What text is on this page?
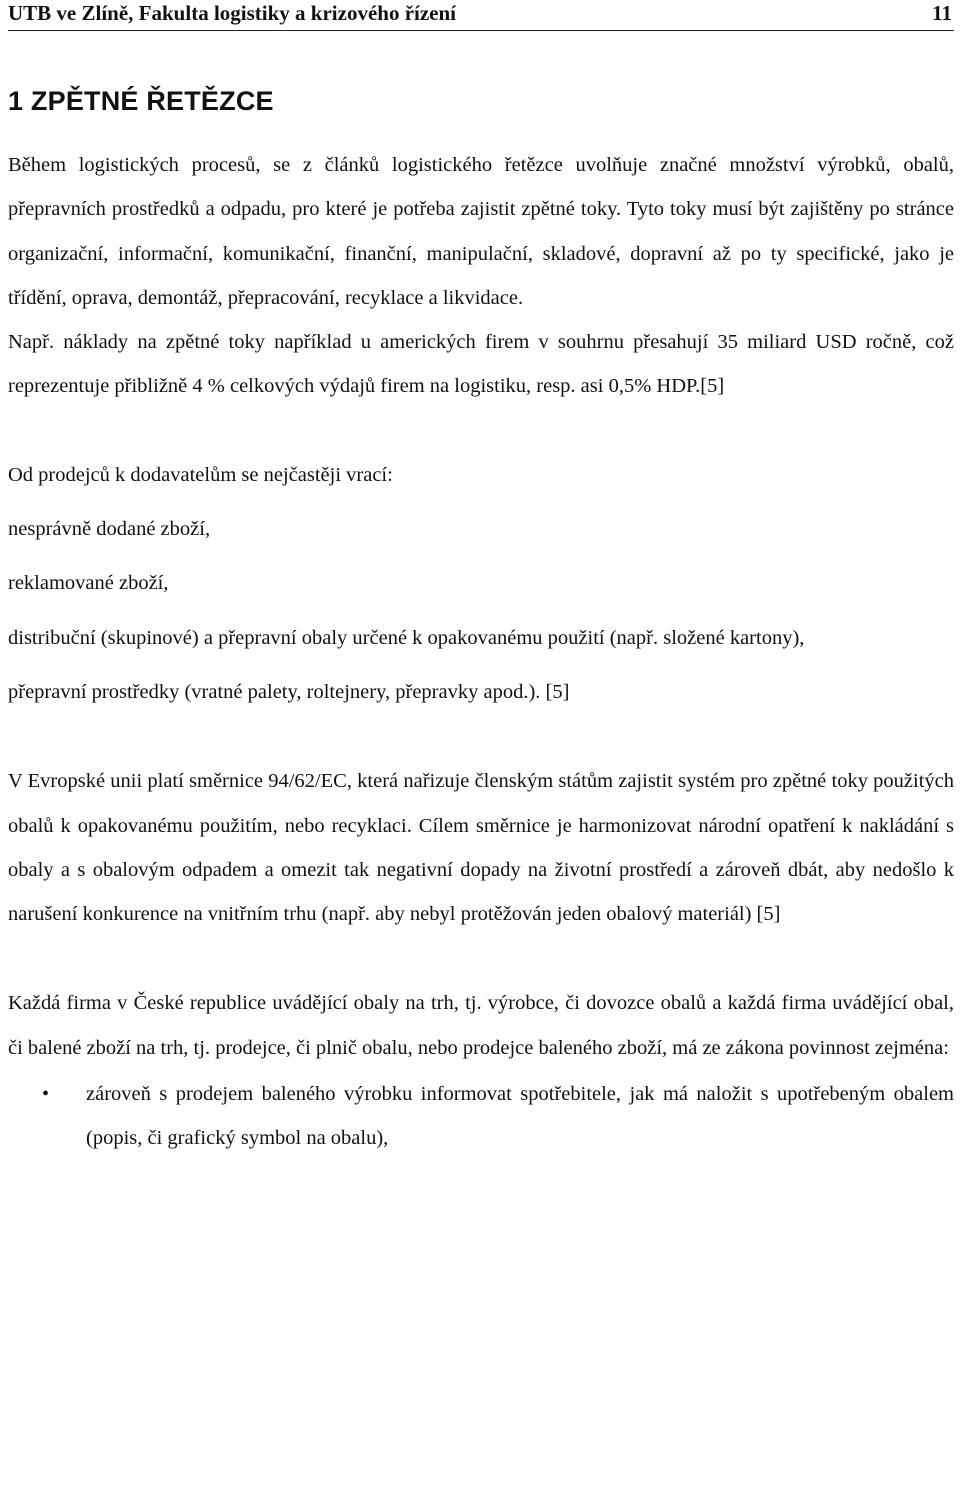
UTB ve Zlíně, Fakulta logistiky a krizového řízení	11
1 ZPĚTNÉ ŘETĚZCE

Během logistických procesů, se z článků logistického řetězce uvolňuje značné množství výrobků, obalů, přepravních prostředků a odpadu, pro které je potřeba zajistit zpětné toky. Tyto toky musí být zajištěny po stránce organizační, informační, komunikační, finanční, manipulační, skladové, dopravní až po ty specifické, jako je třídění, oprava, demontáž, přepracování, recyklace a likvidace.

Např. náklady na zpětné toky například u amerických firem v souhrnu přesahují 35 miliard USD ročně, což reprezentuje přibližně 4 % celkových výdajů firem na logistiku, resp. asi 0,5% HDP.[5]

Od prodejců k dodavatelům se nejčastěji vrací:

nesprávně dodané zboží,

reklamované zboží,

distribuční (skupinové) a přepravní obaly určené k opakovanému použití (např. složené kartony),

přepravní prostředky (vratné palety, roltejnery, přepravky apod.). [5]

V Evropské unii platí směrnice 94/62/EC, která nařizuje členským státům zajistit systém pro zpětné toky použitých obalů k opakovanému použitím, nebo recyklaci. Cílem směrnice je harmonizovat národní opatření k nakládání s obaly a s obalovým odpadem a omezit tak negativní dopady na životní prostředí a zároveň dbát, aby nedošlo k narušení konkurence na vnitřním trhu (např. aby nebyl protěžován jeden obalový materiál) [5]

Každá firma v České republice uvádějící obaly na trh, tj. výrobce, či dovozce obalů a každá firma uvádějící obal, či balené zboží na trh, tj. prodejce, či plnič obalu, nebo prodejce baleného zboží, má ze zákona povinnost zejména:

• zároveň s prodejem baleného výrobku informovat spotřebitele, jak má naložit s upotřebeným obalem (popis, či grafický symbol na obalu),
